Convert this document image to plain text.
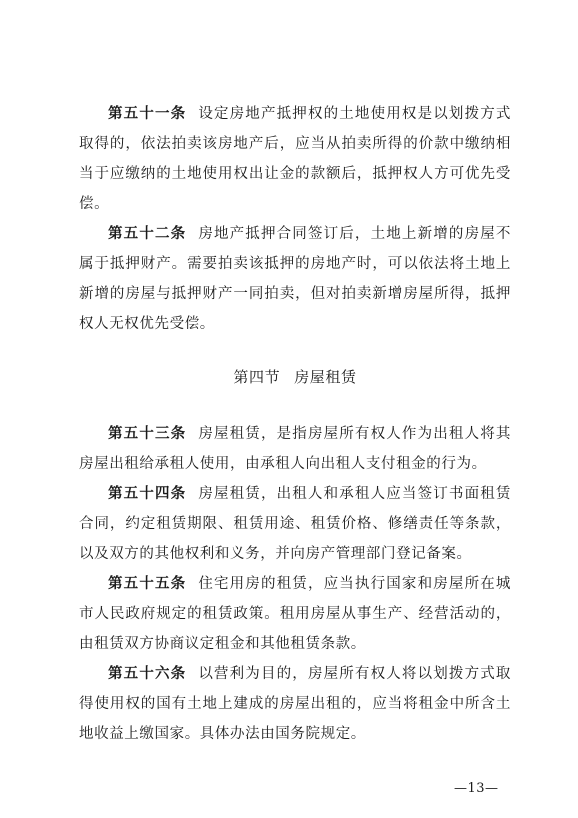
第五十一条 设定房地产抵押权的土地使用权是以划拨方式取得的，依法拍卖该房地产后，应当从拍卖所得的价款中缴纳相当于应缴纳的土地使用权出让金的款额后，抵押权人方可优先受偿。

第五十二条 房地产抵押合同签订后，土地上新增的房屋不属于抵押财产。需要拍卖该抵押的房地产时，可以依法将土地上新增的房屋与抵押财产一同拍卖，但对拍卖新增房屋所得，抵押权人无权优先受偿。

第四节 房屋租赁

第五十三条 房屋租赁，是指房屋所有权人作为出租人将其房屋出租给承租人使用，由承租人向出租人支付租金的行为。

第五十四条 房屋租赁，出租人和承租人应当签订书面租赁合同，约定租赁期限、租赁用途、租赁价格、修缮责任等条款，以及双方的其他权利和义务，并向房产管理部门登记备案。

第五十五条 住宅用房的租赁，应当执行国家和房屋所在城市人民政府规定的租赁政策。租用房屋从事生产、经营活动的，由租赁双方协商议定租金和其他租赁条款。

第五十六条 以营利为目的，房屋所有权人将以划拨方式取得使用权的国有土地上建成的房屋出租的，应当将租金中所含土地收益上缴国家。具体办法由国务院规定。

—13—
